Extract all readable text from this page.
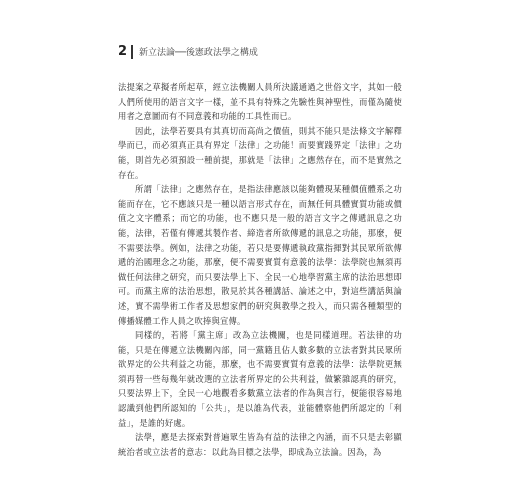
2 新立法論──後憲政法學之構成

法提案之草擬者所起草，經立法機關人員所決議通過之世俗文字，其如一般人們所使用的語言文字一樣，並不具有特殊之先驗性與神聖性，而僅為隨使用者之意圖而有不同意義和功能的工具性而已。

因此，法學若要具有其真切而高尚之價值，則其不能只是法條文字解釋學而已，而必須真正具有界定「法律」之功能！而要實踐界定「法律」之功能，則首先必須預設一種前提，那就是「法律」之應然存在，而不是實然之存在。

所謂「法律」之應然存在，是指法律應該以能夠體現某種價值體系之功能而存在，它不應該只是一種以語言形式存在，而無任何具體實質功能或價值之文字體系；而它的功能，也不應只是一般的語言文字之傳遞訊息之功能，法律，若僅有傳遞其製作者、締造者所欲傳遞的訊息之功能，那麼，便不需要法學。例如，法律之功能，若只是要傳遞執政黨指揮對其民眾所欲傳遞的治國理念之功能，那麼，便不需要實質有意義的法學：法學院也無須再做任何法律之研究，而只要法學上下、全民一心地學習黨主席的法治思想即可。而黨主席的法治思想，散見於其各種講話、論述之中，對這些講話與論述，實不需學術工作者及思想家們的研究與教學之投入，而只需各種類型的傳播媒體工作人員之吹捧與宣傳。

同樣的，若將「黨主席」改為立法機關，也是同樣道理。若法律的功能，只是在傳遞立法機關內部，同一黨籍且佔人數多數的立法者對其民眾所欲界定的公共利益之功能，那麼，也不需要實質有意義的法學：法學院更無須再替一些每幾年就改選的立法者所界定的公共利益，做繁雜認真的研究，只要法界上下，全民一心地觀看多數黨立法者的作為與言行，便能很容易地認識到他們所認知的「公共」，是以誰為代表，並能體察他們所認定的「利益」，是誰的好處。

法學，應是去探索對普遍眾生皆為有益的法律之內涵，而不只是去彰顯統治者或立法者的意志：以此為目標之法學，即成為立法論。因為，為
